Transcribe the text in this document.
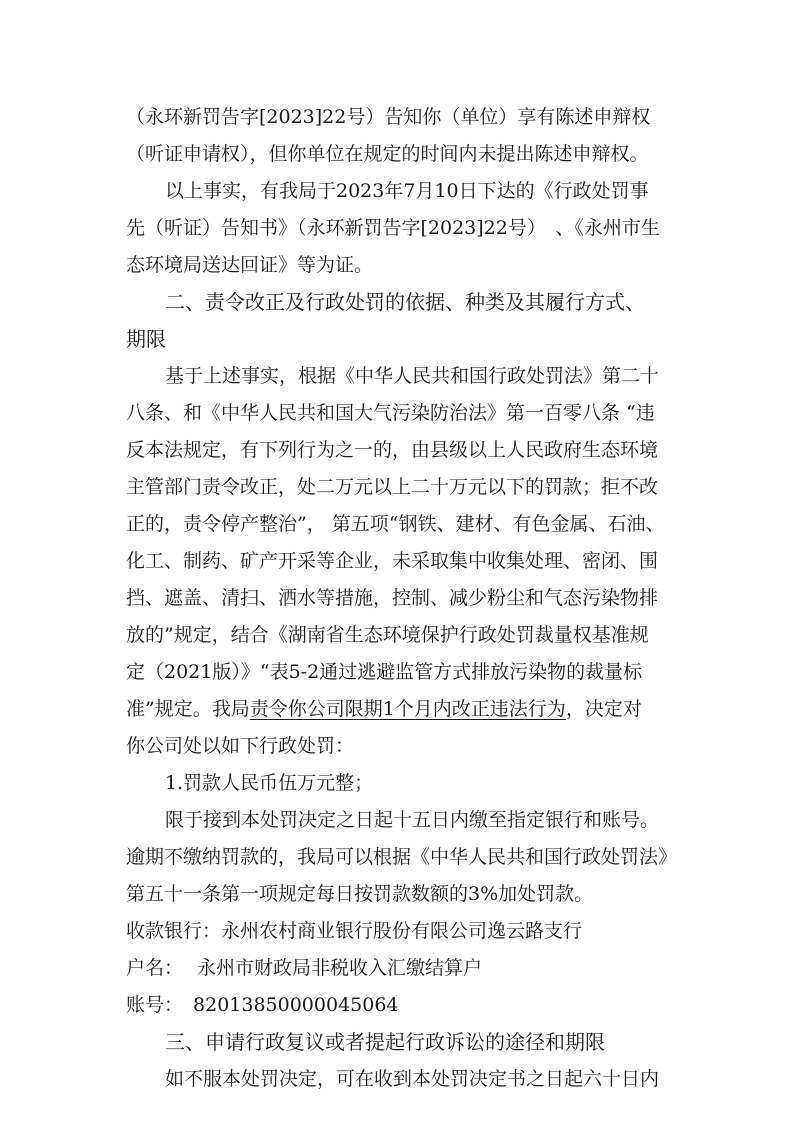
（永环新罚告字[2023]22号）告知你（单位）享有陈述申辩权

（听证申请权），但你单位在规定的时间内未提出陈述申辩权。

以上事实，有我局于2023年7月10日下达的《行政处罚事

先（听证）告知书》（永环新罚告字[2023]22号）　、《永州市生

态环境局送达回证》等为证。

二、责令改正及行政处罚的依据、种类及其履行方式、

期限

基于上述事实，根据《中华人民共和国行政处罚法》第二十

八条、和《中华人民共和国大气污染防治法》第一百零八条 “违

反本法规定，有下列行为之一的，由县级以上人民政府生态环境

主管部门责令改正，处二万元以上二十万元以下的罚款；拒不改

正的，责令停产整治”， 第五项“钢铁、建材、有色金属、石油、

化工、制药、矿产开采等企业，未采取集中收集处理、密闭、围

挡、遮盖、清扫、洒水等措施，控制、减少粉尘和气态污染物排

放的”规定，结合《湖南省生态环境保护行政处罚裁量权基准规

定（2021版）》“表5-2通过逃避监管方式排放污染物的裁量标

准”规定。我局责令你公司限期1个月内改正违法行为，决定对

你公司处以如下行政处罚：

1.罚款人民币伍万元整；

限于接到本处罚决定之日起十五日内缴至指定银行和账号。

逾期不缴纳罚款的，我局可以根据《中华人民共和国行政处罚法》

第五十一条第一项规定每日按罚款数额的3%加处罚款。

收款银行：永州农村商业银行股份有限公司逸云路支行

户名： 永州市财政局非税收入汇缴结算户

账号： 82013850000045064

三、申请行政复议或者提起行政诉讼的途径和期限

如不服本处罚决定，可在收到本处罚决定书之日起六十日内
